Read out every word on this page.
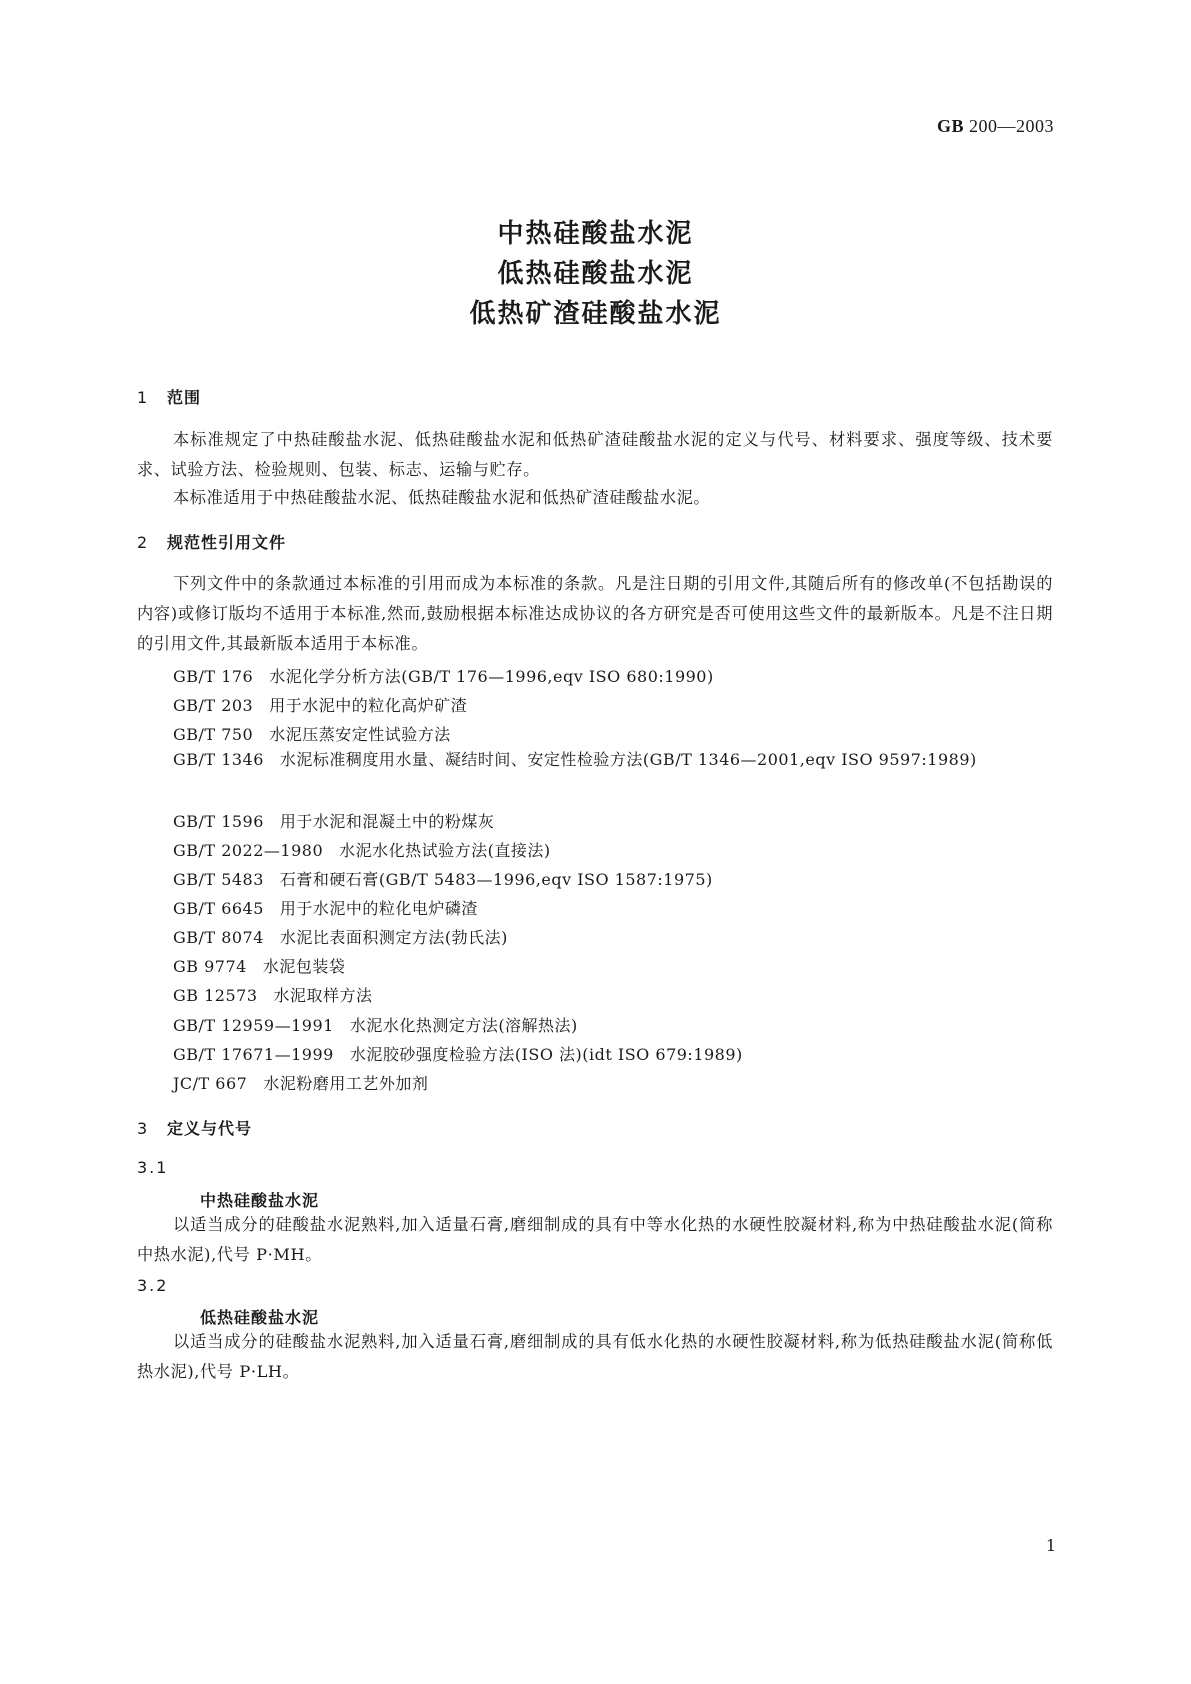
GB 200—2003
中热硅酸盐水泥
低热硅酸盐水泥
低热矿渣硅酸盐水泥
1 范围
本标准规定了中热硅酸盐水泥、低热硅酸盐水泥和低热矿渣硅酸盐水泥的定义与代号、材料要求、强度等级、技术要求、试验方法、检验规则、包装、标志、运输与贮存。
本标准适用于中热硅酸盐水泥、低热硅酸盐水泥和低热矿渣硅酸盐水泥。
2 规范性引用文件
下列文件中的条款通过本标准的引用而成为本标准的条款。凡是注日期的引用文件,其随后所有的修改单(不包括勘误的内容)或修订版均不适用于本标准,然而,鼓励根据本标准达成协议的各方研究是否可使用这些文件的最新版本。凡是不注日期的引用文件,其最新版本适用于本标准。
GB/T 176 水泥化学分析方法(GB/T 176—1996,eqv ISO 680:1990)
GB/T 203 用于水泥中的粒化高炉矿渣
GB/T 750 水泥压蒸安定性试验方法
GB/T 1346 水泥标准稠度用水量、凝结时间、安定性检验方法(GB/T 1346—2001,eqv ISO 9597:1989)
GB/T 1596 用于水泥和混凝土中的粉煤灰
GB/T 2022—1980 水泥水化热试验方法(直接法)
GB/T 5483 石膏和硬石膏(GB/T 5483—1996,eqv ISO 1587:1975)
GB/T 6645 用于水泥中的粒化电炉磷渣
GB/T 8074 水泥比表面积测定方法(勃氏法)
GB 9774 水泥包装袋
GB 12573 水泥取样方法
GB/T 12959—1991 水泥水化热测定方法(溶解热法)
GB/T 17671—1999 水泥胶砂强度检验方法(ISO 法)(idt ISO 679:1989)
JC/T 667 水泥粉磨用工艺外加剂
3 定义与代号
3.1
中热硅酸盐水泥
以适当成分的硅酸盐水泥熟料,加入适量石膏,磨细制成的具有中等水化热的水硬性胶凝材料,称为中热硅酸盐水泥(简称中热水泥),代号 P·MH。
3.2
低热硅酸盐水泥
以适当成分的硅酸盐水泥熟料,加入适量石膏,磨细制成的具有低水化热的水硬性胶凝材料,称为低热硅酸盐水泥(简称低热水泥),代号 P·LH。
1
